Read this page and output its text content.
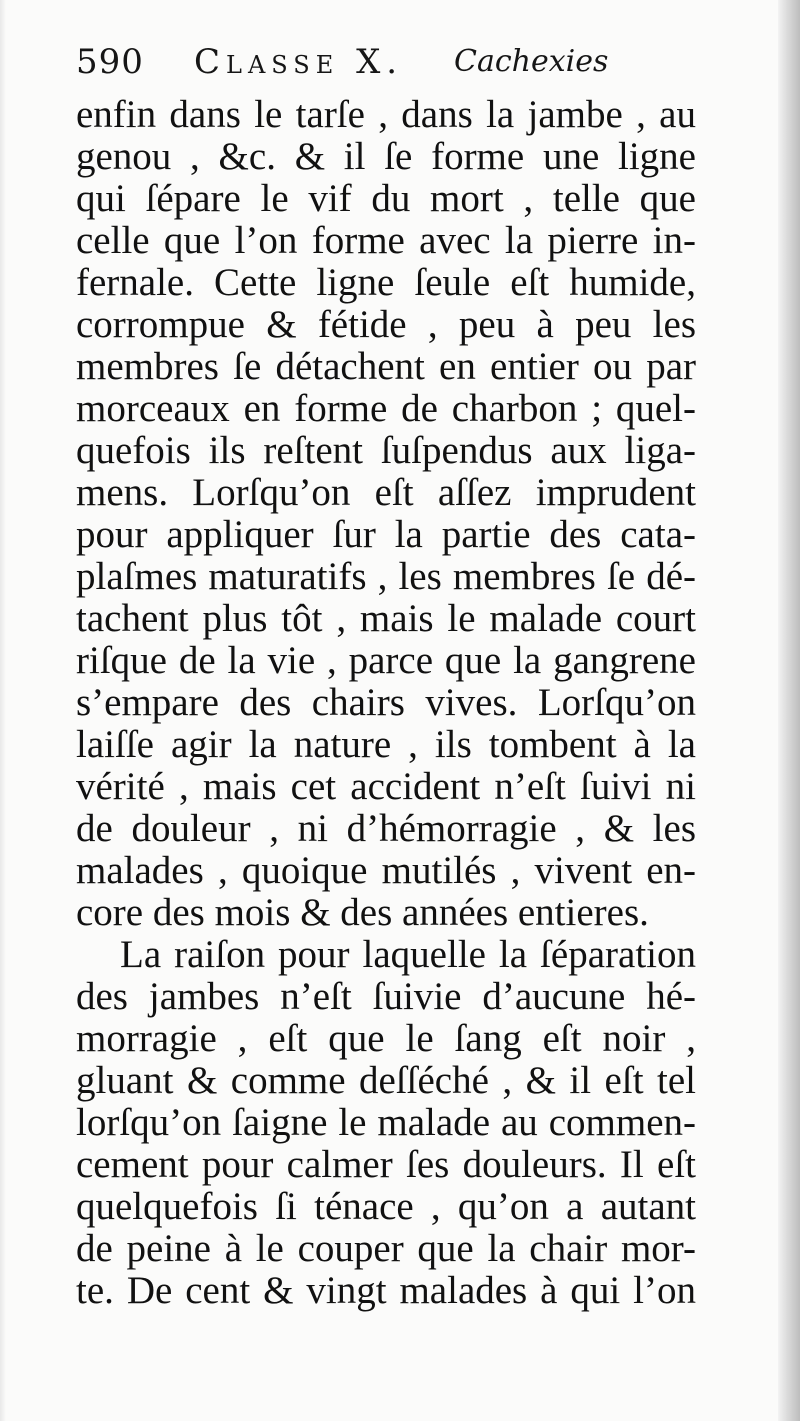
590 Classe X. Cachexies
enfin dans le tarſe , dans la jambe , au
genou , &c. & il ſe forme une ligne
qui ſépare le vif du mort , telle que
celle que l’on forme avec la pierre in-
fernale. Cette ligne ſeule eſt humide,
corrompue & fétide , peu à peu les
membres ſe détachent en entier ou par
morceaux en forme de charbon ; quel-
quefois ils reſtent ſuſpendus aux liga-
mens. Lorſqu’on eſt aſſez imprudent
pour appliquer ſur la partie des cata-
plaſmes maturatifs , les membres ſe dé-
tachent plus tôt , mais le malade court
riſque de la vie , parce que la gangrene
s’empare des chairs vives. Lorſqu’on
laiſſe agir la nature , ils tombent à la
vérité , mais cet accident n’eſt ſuivi ni
de douleur , ni d’hémorragie , & les
malades , quoique mutilés , vivent en-
core des mois & des années entieres.
La raiſon pour laquelle la ſéparation
des jambes n’eſt ſuivie d’aucune hé-
morragie , eſt que le ſang eſt noir ,
gluant & comme deſſéché , & il eſt tel
lorſqu’on ſaigne le malade au commen-
cement pour calmer ſes douleurs. Il eſt
quelquefois ſi ténace , qu’on a autant
de peine à le couper que la chair mor-
te. De cent & vingt malades à qui l’on
